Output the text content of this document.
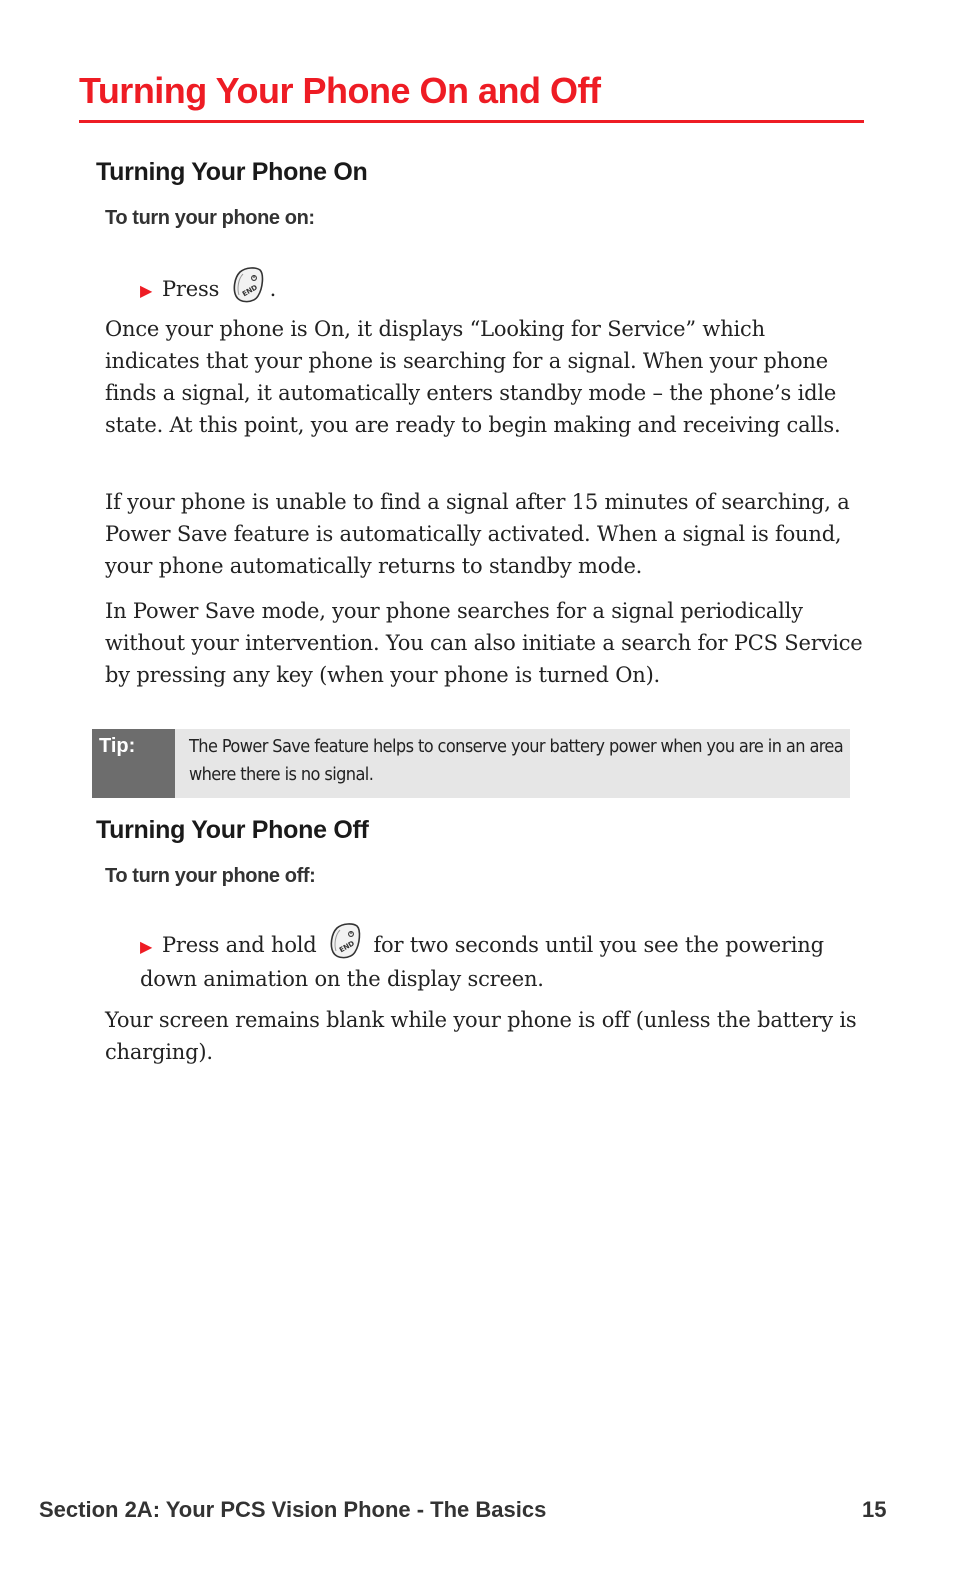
Turning Your Phone On and Off
Turning Your Phone On
To turn your phone on:

▶ Press	END .

Once your phone is On, it displays “Looking for Service” which indicates that your phone is searching for a signal. When your phone finds a signal, it automatically enters standby mode – the phone’s idle state. At this point, you are ready to begin making and receiving calls.

If your phone is unable to find a signal after 15 minutes of searching, a Power Save feature is automatically activated. When a signal is found, your phone automatically returns to standby mode.

In Power Save mode, your phone searches for a signal periodically without your intervention. You can also initiate a search for PCS Service by pressing any key (when your phone is turned On).

Tip:	The Power Save feature helps to conserve your battery power when you are in an area where there is no signal.

Turning Your Phone Off
To turn your phone off:

▶ Press and hold	END for two seconds until you see the powering down animation on the display screen.

Your screen remains blank while your phone is off (unless the battery is charging).

Section 2A: Your PCS Vision Phone - The Basics	15
